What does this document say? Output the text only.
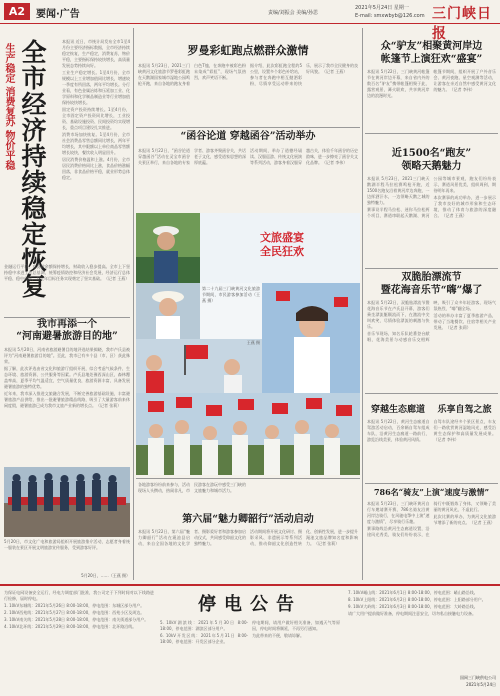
A2	要闻·广告	责编/刘振会 美编/孙思
2021年5月24日 星期一
E-mail: smxwbyb@126.com 三门峡日报
生产稳定 消费复苏 物价平稳 全市经济持续稳定恢复	本报讯 近日，市统计局发布全市1至4月份主要经济指标数据，全市经济持续稳定恢复，生产稳定，消费复苏，物价平稳，主要指标保持较快增长，高质量发展态势持续向好。

工业生产稳定增长。1至4月份，全市规模以上工业增加值同比增长，增速较一季度有所回落，两年平均增长。分行业看，有色金属冶炼和压延加工业、化学原料和化学制品制造业等行业增加值保持较快增长。

固定资产投资持续增长。1至4月份，全市固定资产投资同比增长，工业投资、基础设施投资、民间投资均实现增长，重点项目建设扎实推进。

消费市场加快恢复。1至4月份，全市社会消费品零售总额同比增长，两年平均增长，其中限额以上单位商品零售额增长较快，餐饮收入明显回升。

居民消费价格温和上涨。4月份，全市居民消费价格同比上涨，食品价格涨幅回落，非食品价格平稳，就业形势总体稳定。

金融运行平稳，存贷款余额保持增长，财政收入稳步提高。全市上下坚持稳中求进工作总基调，统筹疫情防控和经济社会发展，经济运行总体平稳、稳中向好，为全年目标任务实现奠定了坚实基础。（记者 王燕）

我市再添一个
“河南避暑旅游目的地”

本报讯 5月20日，河南省旅游避暑目的地评选结果揭晓，我市卢氏县被评为“河南避暑旅游目的地”。至此，我市已有多个县（市、区）获此殊荣。

据了解，此次评选由省文化和旅游厅组织开展，综合考虑气候条件、生态环境、旅游资源、公共服务等因素。卢氏县地处豫西深山区，森林覆盖率高，夏季平均气温适宜，空气质量优良，旅游资源丰富，具备发展避暑旅游的独特优势。

近年来，我市深入推进文旅融合发展，不断完善旅游基础设施，丰富避暑旅游产品供给，推出一批避暑旅游精品线路，吸引了大量游客前来休闲度假，避暑旅游已成为我市文旅产业新的增长点。（记者 张莉）

5月20日，市文化广电和旅游局组织开展旅游推介活动，志愿者身着统一服装在景区开展文明旅游宣传服务，受到游客好评。

5月20日，……（王燕 摄）
罗曼彩虹跑点燃群众激情

本报讯 5月23日，2021三门峡黄河文化旅游节罗曼彩虹跑在天鹅湖国家城市湿地公园鸣枪开跑，来自各地的跑友身着白色T恤，在奔跑中被彩色粉末染成“彩虹”，现场气氛热烈，欢声笑语不断。

据介绍，此次彩虹跑全程约5公里，设置多个彩色补给站，参与者在奔跑中相互抛洒彩粉，尽情享受运动带来的快乐，展示了我市全民健身的良好风貌。（记者 王燕）

“函谷论道 穿越函谷”活动举办

本报讯 5月22日，“函谷论道 穿越函谷”活动在灵宝市函谷关景区举行，来自各地的专家学者、游客齐聚函谷关，共话老子文化，感受道家思想的深厚底蕴。

活动期间，举办了道德经诵读、汉服巡游、传统文化展演等系列活动，游客身着汉服穿越古关，体验千年函谷的历史韵味，进一步擦亮了函谷关文化品牌。（记者 李伟）

文旅盛宴
全民狂欢
第二十九届三门峡黄河文化旅游节期间，市民游客参加活动（王燕 摄）
王燕 摄
第六届“魅力卿韶行”活动启动

各地游客纷纷前来参与，活动现场人头攒动，热闹非凡，市民游客在游玩中感受三门峡的文旅魅力和城市活力。

本报讯 5月22日，第六届“魅力卿韶行”活动在渑池县启动，来自全国各地的文化学者、摄影爱好者和游客参加启动仪式，共同感受仰韶文化的独特魅力。

活动期间将开展文化研讨、摄影采风、非遗展示等系列活动，推动仰韶文化创造性转化、创新性发展，进一步提升渑池文旅品牌知名度和影响力。（记者 张莉）

众“驴友”相聚黄河岸边
帐篷节上演狂欢“盛宴”

本报讯 5月22日，三门峡黄河帐篷节在黄河岸边开幕，来自省内外的数百名“驴友”携带帐篷相聚于此，露营观景，篝火联欢，共享黄河岸边的浪漫时光。

帐篷节期间，组织开展了户外音乐会、黄河夜跑、星空观测等活动，让游客在亲近自然中感受黄河文化的魅力。（记者 李伟）

近1500名“跑友”
领略天鹅魅力

本报讯 5月23日，2021三门峡天鹅湖半程马拉松赛鸣枪开跑，近1500名跑友沿着黄河岸边奔跑，一边挥洒汗水，一边领略天鹅之城的独特魅力。

赛事设半程马拉松、迷你马拉松两个项目，赛道串联起天鹅湖、黄河公园等城市景观，跑友们纷纷表示，赛道风景优美，组织周到，期待明年再来。

本次赛事的成功举办，进一步展示了我市良好的城市形象和生态环境，推动了体育与旅游的深度融合。（记者 王燕）

双脆胎漂流节
暨花海音乐节“嗨”爆了

本报讯 5月22日，双脆胎漂流节暨花海音乐节在卢氏县开幕，游客们乘坐漂流艇顺流而下，在激流中尖叫欢笑，尽情体验漂流的刺激与快乐。

音乐节现场，知名乐队轮番登台献唱，花海美景与动感音乐交相辉映，吸引了众多年轻游客，现场气氛热烈，“嗨”翻全场。

活动的举办丰富了夏季旅游产品，带动了当地餐饮、住宿等相关产业发展。（记者 张莉）

穿越生态廊道	乐享自驾之旅

本报讯 5月22日，黄河生态廊道自驾游活动启动，百余辆自驾车组成车队，沿黄河生态廊道一路前行，游览沿线美景，体验黄河风情。

自驾车队途经多个景区景点，车友们一路欣赏黄河湿地风光，感受沿黄生态保护和高质量发展成果。（记者 李伟）

786名“骑友”上演“速度与激情”

本报讯 5月23日，三门峡环黄河自行车邀请赛开赛，786名骑友沿黄河岸边骑行，在风驰电掣中上演“速度与激情”，尽享骑行乐趣。

赛事路线沿黄河生态廊道设置，沿途风光秀美，骑友们纷纷表示，在骑行中既锻炼了身体，又领略了美丽的黄河风光，不虚此行。

此次比赛的举办，为黄河文化旅游节增添了新的亮点。（记者 王燕）

为保证电网设备安全运行，经电力调度部门批准，我公司定于下列时间对以下线路进行检修，届时停电。

1. 10kV东城线：2021年5月26日 8:00-18:00，停电范围：东城区部分用户。

2. 10kV西苑线：2021年5月27日 8:00-18:00，停电范围：西苑小区及周边。

3. 10kV南关线：2021年5月28日 8:00-18:00，停电范围：南关街道部分用户。

4. 10kV北环线：2021年5月29日 8:00-18:00，停电范围：北环路沿线。

停电公告

5. 10kV湖滨线：2021年5月30日 8:00-18:00，停电范围：湖滨区部分用户。

6. 10kV开发区线：2021年5月31日 8:00-18:00，停电范围：开发区部分企业。

停电期间，请用户做好相关准备，如遇天气等原因，停电时间将顺延，不再另行通知。

为此带来的不便，敬请谅解。

7. 10kV崤山线：2021年6月1日 8:00-18:00，停电范围：崤山路沿线。

8. 10kV上阳线：2021年6月2日 8:00-18:00，停电范围：上阳路部分用户。

9. 10kV大岭线：2021年6月3日 8:00-18:00，停电范围：大岭路沿线。

请广大用户提前做好准备，停电期间注意安全，切勿私自接触电力设备。

国网三门峡供电公司
2021年5月24日
